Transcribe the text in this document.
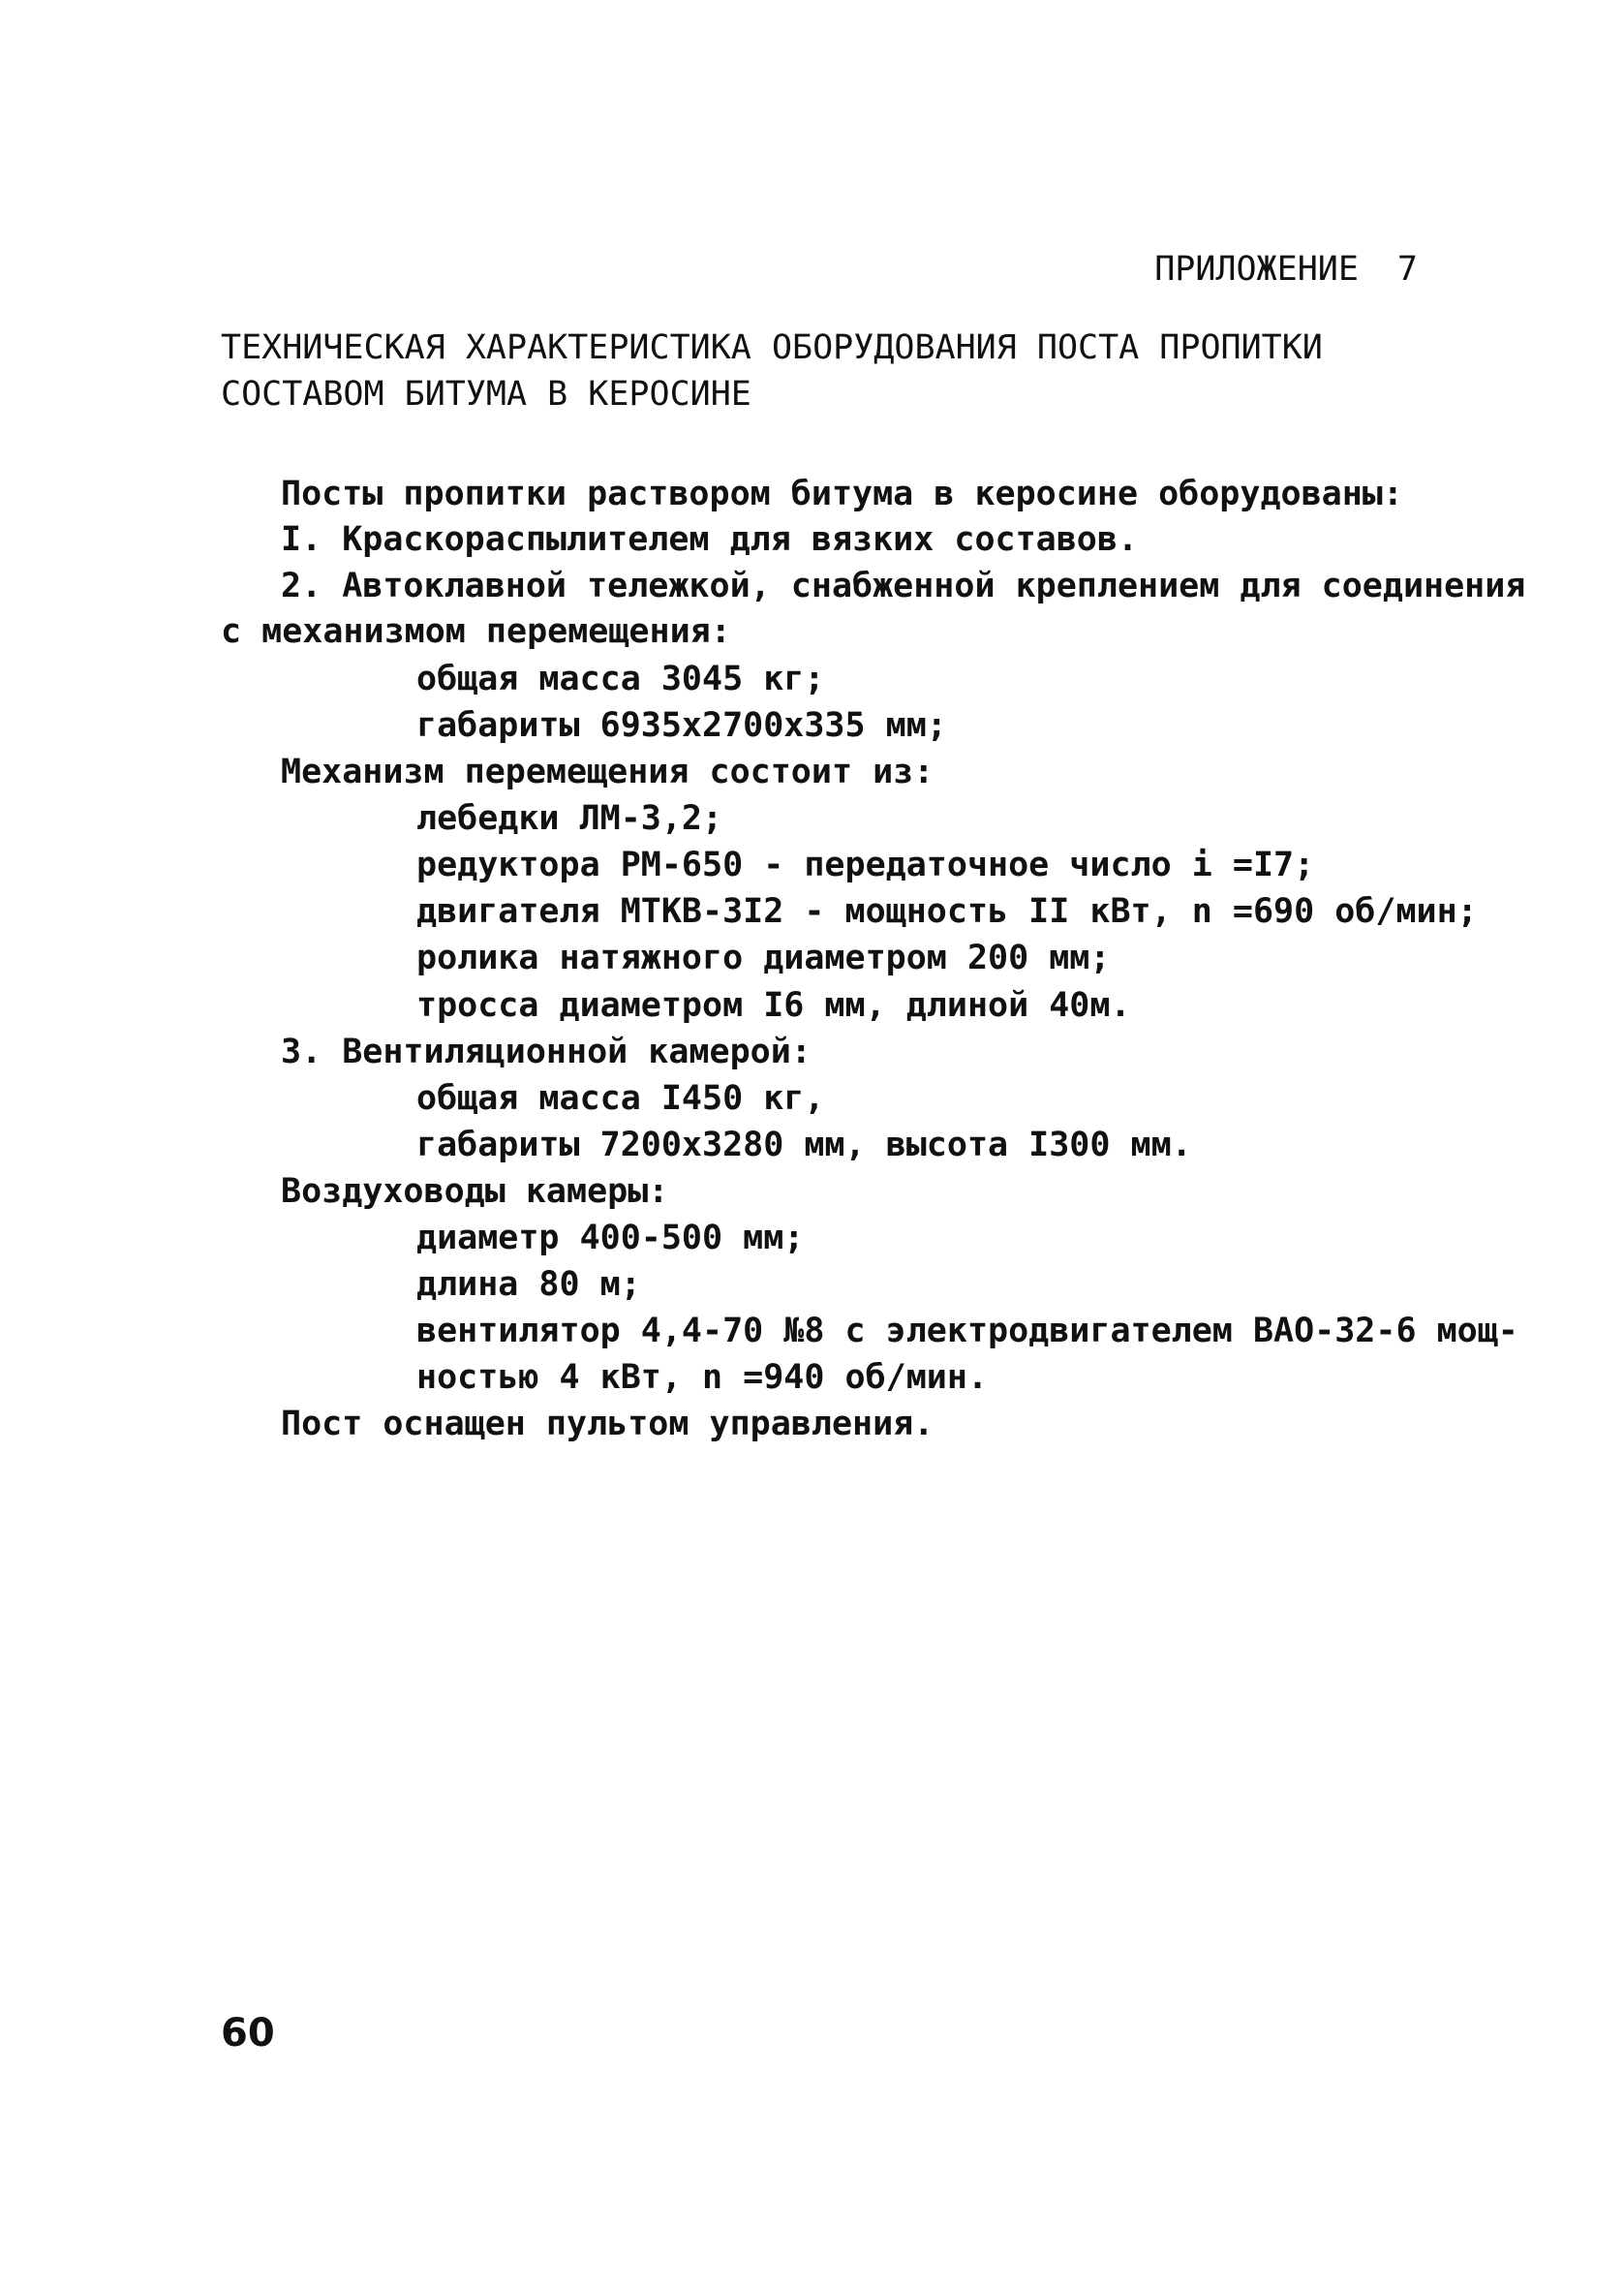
ПРИЛОЖЕНИЕ 7
ТЕХНИЧЕСКАЯ ХАРАКТЕРИСТИКА ОБОРУДОВАНИЯ ПОСТА ПРОПИТКИ
СОСТАВОМ БИТУМА В КЕРОСИНЕ
Посты пропитки раствором битума в керосине оборудованы:
I. Краскораспылителем для вязких составов.
2. Автоклавной тележкой, снабженной креплением для соединения
с механизмом перемещения:
общая масса 3045 кг;
габариты 6935х2700х335 мм;
Механизм перемещения состоит из:
лебедки ЛМ-3,2;
редуктора РМ-650 - передаточное число i =I7;
двигателя МТКВ-3I2 - мощность II кВт, n =690 об/мин;
ролика натяжного диаметром 200 мм;
тросса диаметром I6 мм, длиной 40м.
3. Вентиляционной камерой:
общая масса I450 кг,
габариты 7200х3280 мм, высота I300 мм.
Воздуховоды камеры:
диаметр 400-500 мм;
длина 80 м;
вентилятор 4,4-70 №8 с электродвигателем ВАО-32-6 мощ-
ностью 4 кВт, n =940 об/мин.
Пост оснащен пультом управления.
60
